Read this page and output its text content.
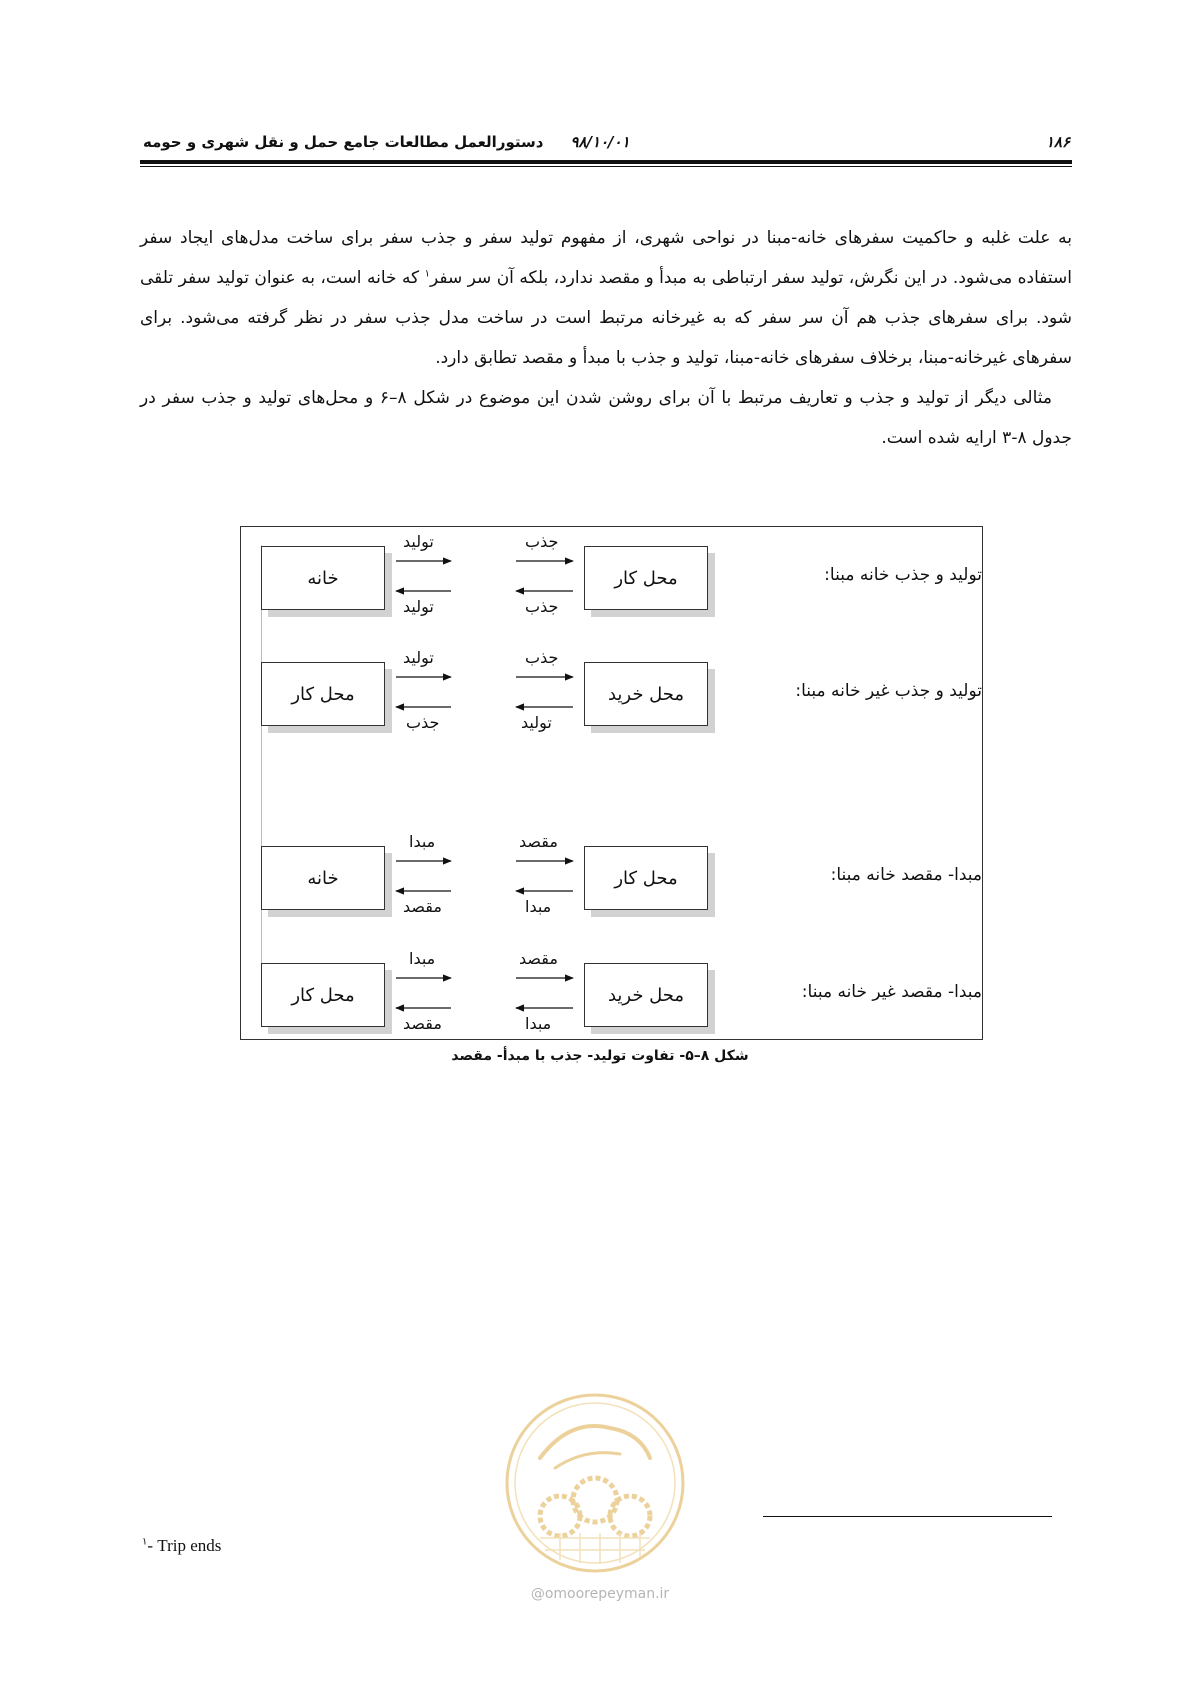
۱۸۶
۹۸/۱۰/۰۱
دستورالعمل مطالعات جامع حمل و نقل شهری و حومه

به علت غلبه و حاکمیت سفرهای خانه-مبنا در نواحی شهری، از مفهوم تولید سفر و جذب سفر برای ساخت مدل‌های ایجاد سفر استفاده می‌شود. در این نگرش، تولید سفر ارتباطی به مبدأ و مقصد ندارد، بلکه آن سر سفر$^۱$ که خانه است، به عنوان تولید سفر تلقی شود. برای سفرهای جذب هم آن سر سفر که به غیرخانه مرتبط است در ساخت مدل جذب سفر در نظر گرفته می‌شود. برای سفرهای غیرخانه-مبنا، برخلاف سفرهای خانه-مبنا، تولید و جذب با مبدأ و مقصد تطابق دارد.

مثالی دیگر از تولید و جذب و تعاریف مرتبط با آن برای روشن شدن این موضوع در شکل ۸–۶ و محل‌های تولید و جذب سفر در جدول ۸-۳ ارایه شده است.

خانه	محل کار	تولید و جذب خانه مبنا:
تولید
تولید
جذب
جذب
محل کار	محل خرید	تولید و جذب غیر خانه مبنا:
تولید
جذب
جذب
تولید
خانه	محل کار	مبدا- مقصد خانه مبنا:
مبدا
مقصد
مقصد
مبدا
محل کار	محل خرید	مبدا- مقصد غیر خانه مبنا:
مبدا
مقصد
مقصد
مبدا
شکل ۸–۵- تفاوت تولید- جذب با مبدأ- مقصد
@omoorepeyman.ir
$^۱$- Trip ends
